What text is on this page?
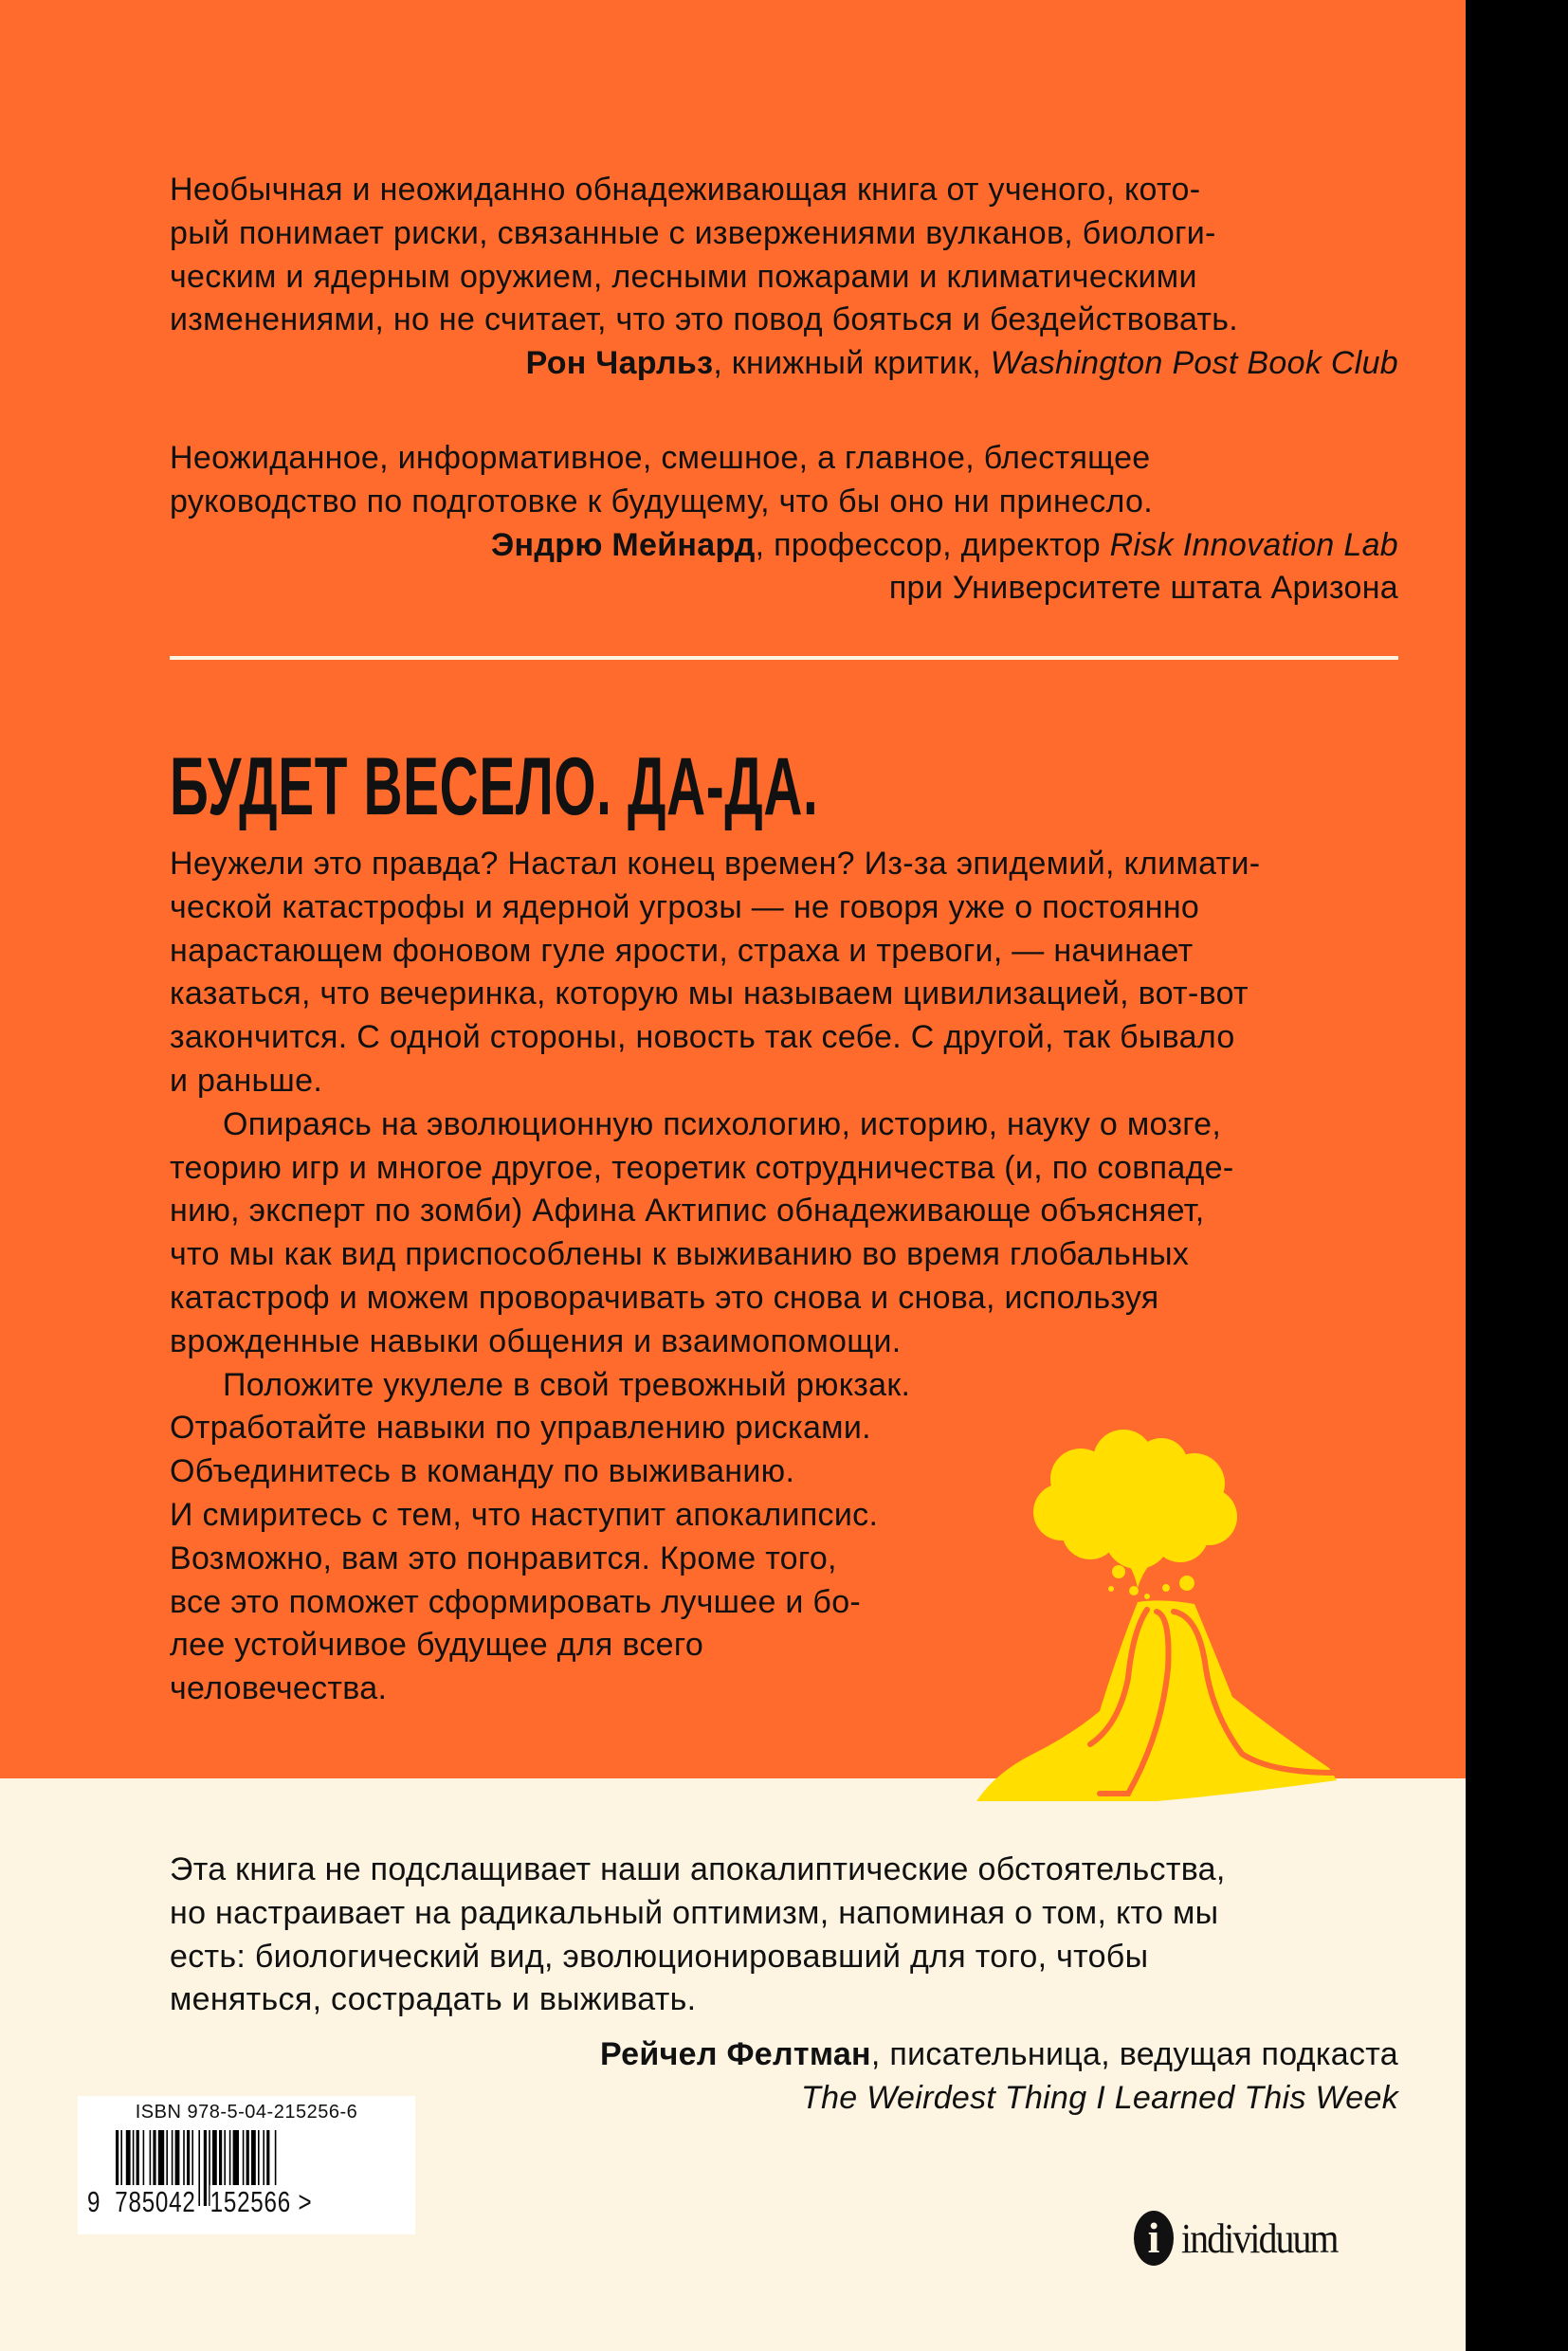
Необычная и неожиданно обнадеживающая книга от ученого, кото-
рый понимает риски, связанные с извержениями вулканов, биологи-
ческим и ядерным оружием, лесными пожарами и климатическими
изменениями, но не считает, что это повод бояться и бездействовать.
Рон Чарльз, книжный критик, Washington Post Book Club
Неожиданное, информативное, смешное, а главное, блестящее
руководство по подготовке к будущему, что бы оно ни принесло.
Эндрю Мейнард, профессор, директор Risk Innovation Lab
при Университете штата Аризона
БУДЕТ ВЕСЕЛО. ДА-ДА.
Неужели это правда? Настал конец времен? Из-за эпидемий, климати-
ческой катастрофы и ядерной угрозы — не говоря уже о постоянно
нарастающем фоновом гуле ярости, страха и тревоги, — начинает
казаться, что вечеринка, которую мы называем цивилизацией, вот-вот
закончится. С одной стороны, новость так себе. С другой, так бывало
и раньше.
Опираясь на эволюционную психологию, историю, науку о мозге,
теорию игр и многое другое, теоретик сотрудничества (и, по совпаде-
нию, эксперт по зомби) Афина Актипис обнадеживающе объясняет,
что мы как вид приспособлены к выживанию во время глобальных
катастроф и можем проворачивать это снова и снова, используя
врожденные навыки общения и взаимопомощи.
Положите укулеле в свой тревожный рюкзак.
Отработайте навыки по управлению рисками.
Объединитесь в команду по выживанию.
И смиритесь с тем, что наступит апокалипсис.
Возможно, вам это понравится. Кроме того,
все это поможет сформировать лучшее и бо-
лее устойчивое будущее для всего
человечества.
Эта книга не подслащивает наши апокалиптические обстоятельства,
но настраивает на радикальный оптимизм, напоминая о том, кто мы
есть: биологический вид, эволюционировавший для того, чтобы
меняться, сострадать и выживать.
Рейчел Фелтман, писательница, ведущая подкаста
The Weirdest Thing I Learned This Week
ISBN 978-5-04-215256-6
9 785042 152566 >
i individuum
